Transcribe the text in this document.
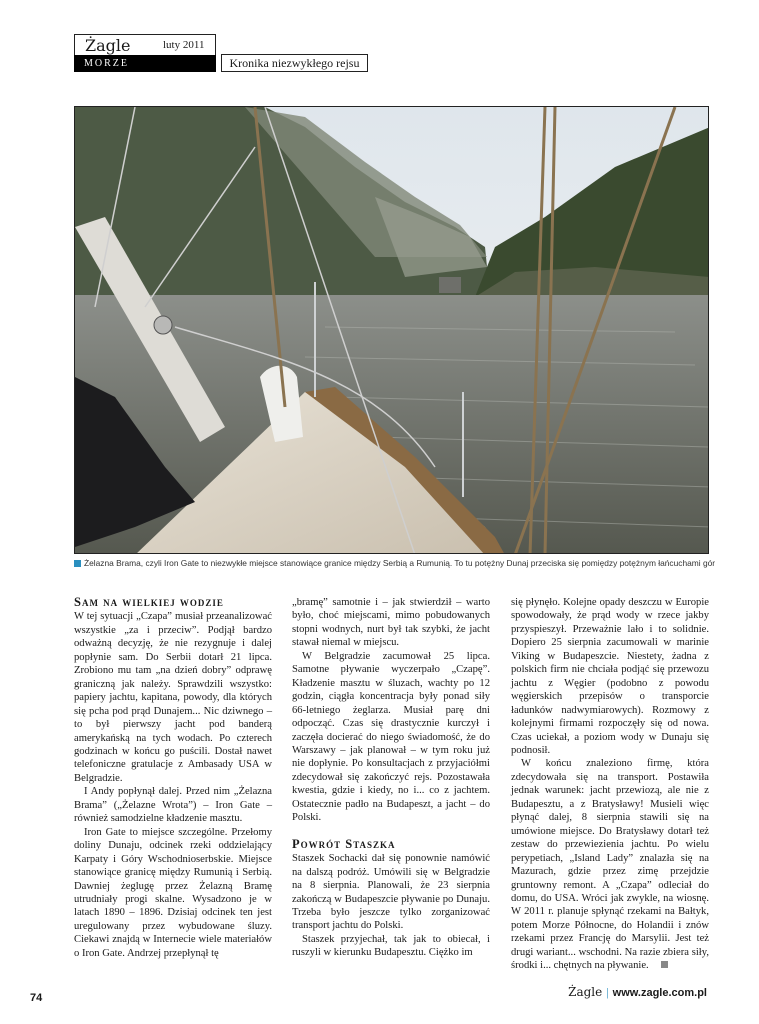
Żagle	luty 2011
MORZE	Kronika niezwykłego rejsu
Żelazna Brama, czyli Iron Gate to niezwykłe miejsce stanowiące granice między Serbią a Rumunią. To tu potężny Dunaj przeciska się pomiędzy potężnym łańcuchami gór
Sam na wielkiej wodzie

W tej sytuacji „Czapa” musiał przeanalizować wszystkie „za i przeciw”. Podjął bardzo odważną decyzję, że nie rezygnuje i dalej popłynie sam. Do Serbii dotarł 21 lipca. Zrobiono mu tam „na dzień dobry” odprawę graniczną jak należy. Sprawdzili wszystko: papiery jachtu, kapitana, powody, dla których się pcha pod prąd Dunajem... Nic dziwnego – to był pierwszy jacht pod banderą amerykańską na tych wodach. Po czterech godzinach w końcu go puścili. Dostał nawet telefoniczne gratulacje z Ambasady USA w Belgradzie.

I Andy popłynął dalej. Przed nim „Żelazna Brama” („Żelazne Wrota”) – Iron Gate – również samodzielne kładzenie masztu.

Iron Gate to miejsce szczególne. Przełomy doliny Dunaju, odcinek rzeki oddzielający Karpaty i Góry Wschodnioserbskie. Miejsce stanowiące granicę między Rumunią i Serbią. Dawniej żeglugę przez Żelazną Bramę utrudniały progi skalne. Wysadzono je w latach 1890 – 1896. Dzisiaj odcinek ten jest uregulowany przez wybudowane śluzy. Ciekawi znajdą w Internecie wiele materiałów o Iron Gate. Andrzej przepłynął tę

„bramę” samotnie i – jak stwierdził – warto było, choć miejscami, mimo pobudowanych stopni wodnych, nurt był tak szybki, że jacht stawał niemal w miejscu.

W Belgradzie zacumował 25 lipca. Samotne pływanie wyczerpało „Czapę”. Kładzenie masztu w śluzach, wachty po 12 godzin, ciągła koncentracja były ponad siły 66-letniego żeglarza. Musiał parę dni odpocząć. Czas się drastycznie kurczył i zaczęła docierać do niego świadomość, że do Warszawy – jak planował – w tym roku już nie dopłynie. Po konsultacjach z przyjaciółmi zdecydował się zakończyć rejs. Pozostawała kwestia, gdzie i kiedy, no i... co z jachtem. Ostatecznie padło na Budapeszt, a jacht – do Polski.

Powrót Staszka

Staszek Sochacki dał się ponownie namówić na dalszą podróż. Umówili się w Belgradzie na 8 sierpnia. Planowali, że 23 sierpnia zakończą w Budapeszcie pływanie po Dunaju. Trzeba było jeszcze tylko zorganizować transport jachtu do Polski.

Staszek przyjechał, tak jak to obiecał, i ruszyli w kierunku Budapesztu. Ciężko im

się płynęło. Kolejne opady deszczu w Europie spowodowały, że prąd wody w rzece jakby przyspieszył. Przeważnie lało i to solidnie. Dopiero 25 sierpnia zacumowali w marinie Viking w Budapeszcie. Niestety, żadna z polskich firm nie chciała podjąć się przewozu jachtu z Węgier (podobno z powodu węgierskich przepisów o transporcie ładunków nadwymiarowych). Rozmowy z kolejnymi firmami rozpoczęły się od nowa. Czas uciekał, a poziom wody w Dunaju się podnosił.

W końcu znaleziono firmę, która zdecydowała się na transport. Postawiła jednak warunek: jacht przewiozą, ale nie z Budapesztu, a z Bratysławy! Musieli więc płynąć dalej, 8 sierpnia stawili się na umówione miejsce. Do Bratysławy dotarł też zestaw do przewiezienia jachtu. Po wielu perypetiach, „Island Lady” znalazła się na Mazurach, gdzie przez zimę przejdzie gruntowny remont. A „Czapa” odleciał do domu, do USA. Wróci jak zwykle, na wiosnę. W 2011 r. planuje spłynąć rzekami na Bałtyk, potem Morze Północne, do Holandii i znów rzekami przez Francję do Marsylii. Jest też drugi wariant... wschodni. Na razie zbiera siły, środki i... chętnych na pływanie.

74	Żagle | www.zagle.com.pl
